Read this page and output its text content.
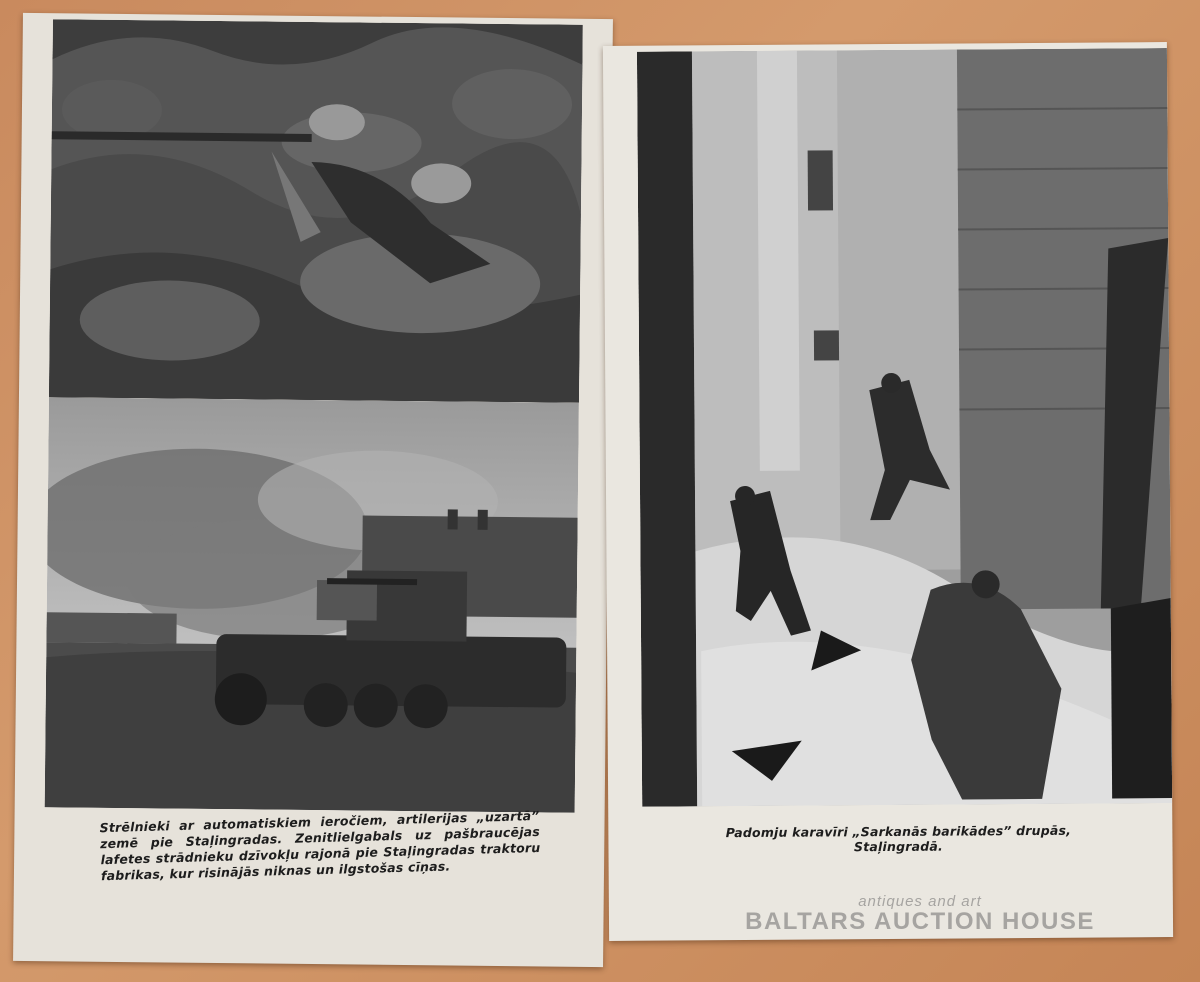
Strēlnieki ar automatiskiem ieročiem, artilerijas „uzartā” zemē pie Staļingradas. Zenitlielgabals uz pašbraucējas lafetes strādnieku dzīvokļu rajonā pie Staļingradas traktoru fabrikas, kur risinājās niknas un ilgstošas cīņas.
Padomju karavīri „Sarkanās barikādes” drupās, Staļingradā.
antiques and art
BALTARS AUCTION HOUSE
